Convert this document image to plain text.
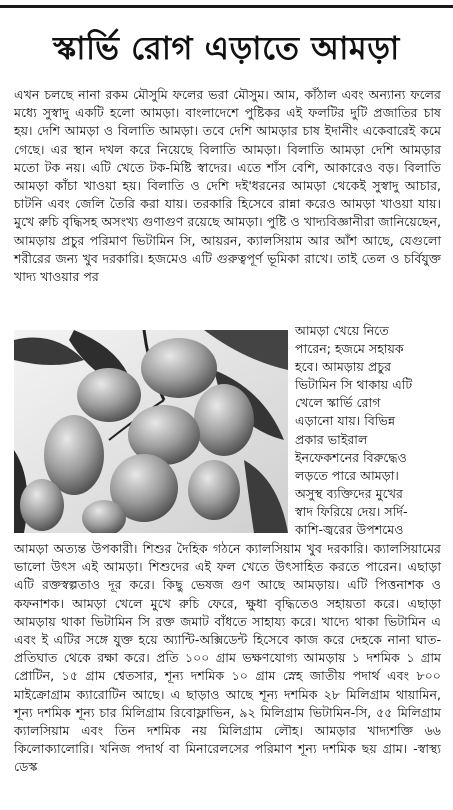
স্কার্ভি রোগ এড়াতে আমড়া
এখন চলছে নানা রকম মৌসুমি ফলের ভরা মৌসুম। আম, কাঁঠাল এবং অন্যান্য ফলের মধ্যে সুস্বাদু একটি হলো আমড়া। বাংলাদেশে পুষ্টিকর এই ফলটির দুটি প্রজাতির চাষ হয়। দেশি আমড়া ও বিলাতি আমড়া। তবে দেশি আমড়ার চাষ ইদানীং একেবারেই কমে গেছে। এর স্থান দখল করে নিয়েছে বিলাতি আমড়া। বিলাতি আমড়া দেশি আমড়ার মতো টক নয়। এটি খেতে টক-মিষ্টি স্বাদের। এতে শাঁস বেশি, আকারেও বড়। বিলাতি আমড়া কাঁচা খাওয়া হয়। বিলাতি ও দেশি দই'ধরনের আমড়া থেকেই সুস্বাদু আচার, চাটনি এবং জেলি তৈরি করা যায়। তরকারি হিসেবে রান্না করেও আমড়া খাওয়া যায়। মুখে রুচি বৃদ্ধিসহ অসংখ্য গুণাগুণ রয়েছে আমড়া। পুষ্টি ও খাদ্যবিজ্ঞানীরা জানিয়েছেন, আমড়ায় প্রচুর পরিমাণ ভিটামিন সি, আয়রন, ক্যালসিয়াম আর আঁশ আছে, যেগুলো শরীরের জন্য খুব দরকারি। হজমেও এটি গুরুত্বপূর্ণ ভূমিকা রাখে। তাই তেল ও চর্বিযুক্ত খাদ্য খাওয়ার পর
আমড়া খেয়ে নিতে
পারেন; হজমে সহায়ক
হবে। আমড়ায় প্রচুর
ভিটামিন সি থাকায় এটি
খেলে স্কার্ভি রোগ
এড়ানো যায়। বিভিন্ন
প্রকার ভাইরাল
ইনফেকশনের বিরুদ্ধেও
লড়তে পারে আমড়া।
অসুস্থ ব্যক্তিদের মুখের
স্বাদ ফিরিয়ে দেয়। সর্দি-
কাশি-জ্বরের উপশমেও
আমড়া অত্যন্ত উপকারী। শিশুর দৈহিক গঠনে ক্যালসিয়াম খুব দরকারি। ক্যালসিয়ামের ভালো উৎস এই আমড়া। শিশুদের এই ফল খেতে উৎসাহিত করতে পারেন। এছাড়া এটি রক্তস্বল্পতাও দূর করে। কিছু ভেষজ গুণ আছে আমড়ায়। এটি পিত্তনাশক ও কফনাশক। আমড়া খেলে মুখে রুচি ফেরে, ক্ষুধা বৃদ্ধিতেও সহায়তা করে। এছাড়া আমড়ায় থাকা ভিটামিন সি রক্ত জমাট বাঁধতে সাহায্য করে। খাদ্যে থাকা ভিটামিন এ এবং ই এটির সঙ্গে যুক্ত হয়ে অ্যান্টি-অক্সিডেন্ট হিসেবে কাজ করে দেহকে নানা ঘাত-প্রতিঘাত থেকে রক্ষা করে। প্রতি ১০০ গ্রাম ভক্ষণযোগ্য আমড়ায় ১ দশমিক ১ গ্রাম প্রোটিন, ১৫ গ্রাম শ্বেতসার, শূন্য দশমিক ১০ গ্রাম স্নেহ জাতীয় পদার্থ এবং ৮০০ মাইক্রোগ্রাম ক্যারোটিন আছে। এ ছাড়াও আছে শূন্য দশমিক ২৮ মিলিগ্রাম থায়ামিন, শূন্য দশমিক শূন্য চার মিলিগ্রাম রিবোফ্লাভিন, ৯২ মিলিগ্রাম ভিটামিন-সি, ৫৫ মিলিগ্রাম ক্যালসিয়াম এবং তিন দশমিক নয় মিলিগ্রাম লৌহ। আমড়ার খাদ্যশক্তি ৬৬ কিলোক্যালোরি। খনিজ পদার্থ বা মিনারেলসের পরিমাণ শূন্য দশমিক ছয় গ্রাম। -স্বাস্থ্য ডেস্ক
